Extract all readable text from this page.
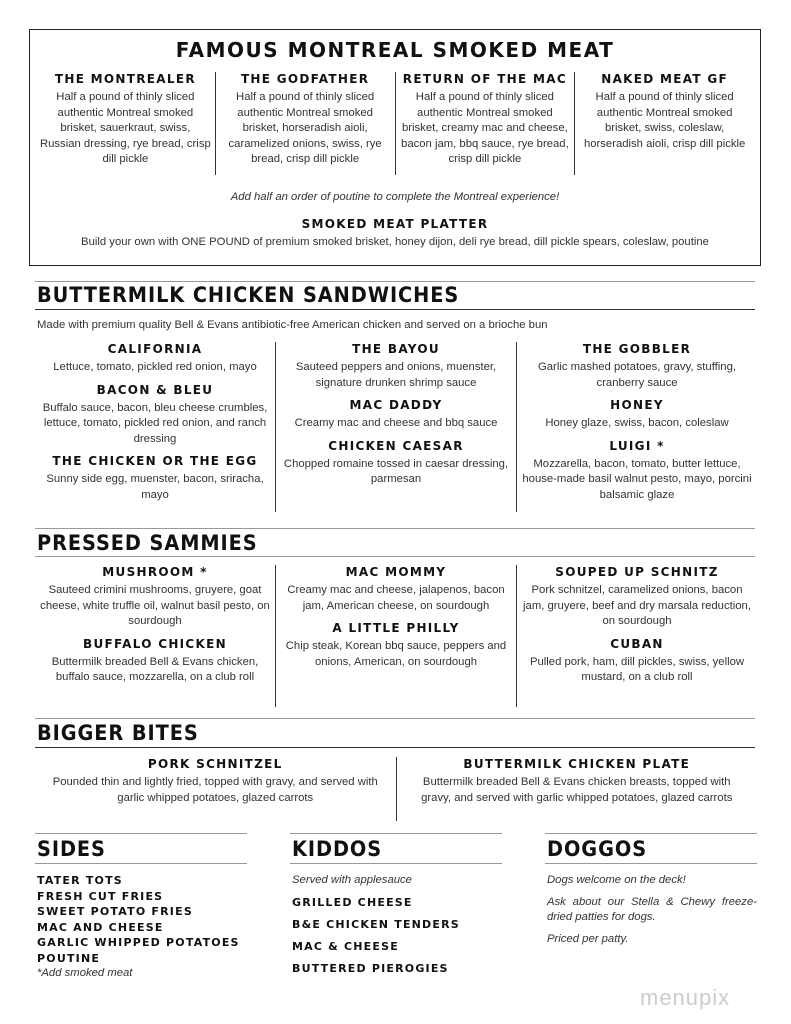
FAMOUS MONTREAL SMOKED MEAT
THE MONTREALER
Half a pound of thinly sliced authentic Montreal smoked brisket, sauerkraut, swiss, Russian dressing, rye bread, crisp dill pickle
THE GODFATHER
Half a pound of thinly sliced authentic Montreal smoked brisket, horseradish aioli, caramelized onions, swiss, rye bread, crisp dill pickle
RETURN OF THE MAC
Half a pound of thinly sliced authentic Montreal smoked brisket, creamy mac and cheese, bacon jam, bbq sauce, rye bread, crisp dill pickle
NAKED MEAT GF
Half a pound of thinly sliced authentic Montreal smoked brisket, swiss, coleslaw, horseradish aioli, crisp dill pickle
Add half an order of poutine to complete the Montreal experience!
SMOKED MEAT PLATTER
Build your own with ONE POUND of premium smoked brisket, honey dijon, deli rye bread, dill pickle spears, coleslaw, poutine
BUTTERMILK CHICKEN SANDWICHES
Made with premium quality Bell & Evans antibiotic-free American chicken and served on a brioche bun
CALIFORNIA
Lettuce, tomato, pickled red onion, mayo
BACON & BLEU
Buffalo sauce, bacon, bleu cheese crumbles, lettuce, tomato, pickled red onion, and ranch dressing
THE CHICKEN OR THE EGG
Sunny side egg, muenster, bacon, sriracha, mayo
THE BAYOU
Sauteed peppers and onions, muenster, signature drunken shrimp sauce
MAC DADDY
Creamy mac and cheese and bbq sauce
CHICKEN CAESAR
Chopped romaine tossed in caesar dressing, parmesan
THE GOBBLER
Garlic mashed potatoes, gravy, stuffing, cranberry sauce
HONEY
Honey glaze, swiss, bacon, coleslaw
LUIGI *
Mozzarella, bacon, tomato, butter lettuce, house-made basil walnut pesto, mayo, porcini balsamic glaze
PRESSED SAMMIES
MUSHROOM *
Sauteed crimini mushrooms, gruyere, goat cheese, white truffle oil, walnut basil pesto, on sourdough
BUFFALO CHICKEN
Buttermilk breaded Bell & Evans chicken, buffalo sauce, mozzarella, on a club roll
MAC MOMMY
Creamy mac and cheese, jalapenos, bacon jam, American cheese, on sourdough
A LITTLE PHILLY
Chip steak, Korean bbq sauce, peppers and onions, American, on sourdough
SOUPED UP SCHNITZ
Pork schnitzel, caramelized onions, bacon jam, gruyere, beef and dry marsala reduction, on sourdough
CUBAN
Pulled pork, ham, dill pickles, swiss, yellow mustard, on a club roll
BIGGER BITES
PORK SCHNITZEL
Pounded thin and lightly fried, topped with gravy, and served with garlic whipped potatoes, glazed carrots
BUTTERMILK CHICKEN PLATE
Buttermilk breaded Bell & Evans chicken breasts, topped with gravy, and served with garlic whipped potatoes, glazed carrots
SIDES
TATER TOTS
FRESH CUT FRIES
SWEET POTATO FRIES
MAC AND CHEESE
GARLIC WHIPPED POTATOES
POUTINE
*Add smoked meat
KIDDOS
Served with applesauce
GRILLED CHEESE
B&E CHICKEN TENDERS
MAC & CHEESE
BUTTERED PIEROGIES
DOGGOS
Dogs welcome on the deck!
Ask about our Stella & Chewy freeze-dried patties for dogs.
Priced per patty.
menupix
